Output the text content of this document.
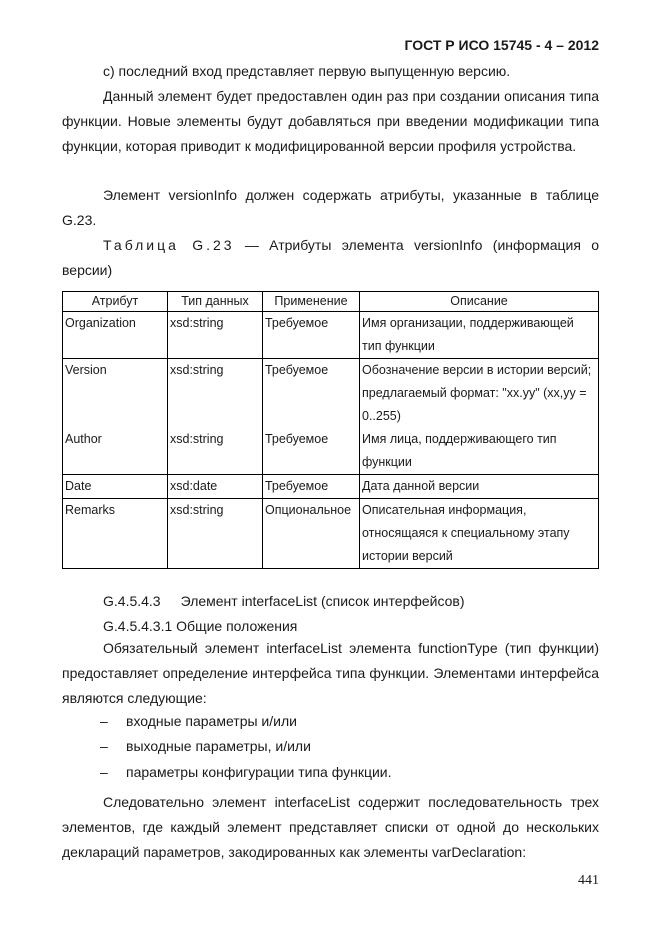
ГОСТ Р ИСО 15745 - 4 – 2012

с) последний вход представляет первую выпущенную версию.

Данный элемент будет предоставлен один раз при создании описания типа функции. Новые элементы будут добавляться при введении модификации типа функции, которая приводит к модифицированной версии профиля устройства.

Элемент versionInfo должен содержать атрибуты, указанные в таблице G.23.

Таблица G.23 — Атрибуты элемента versionInfo (информация о версии)

Атрибут	Тип данных	Применение	Описание
Organization	xsd:string	Требуемое	Имя организации, поддерживающей тип функции
Version	xsd:string	Требуемое	Обозначение версии в истории версий; предлагаемый формат: "xx.yy" (xx,yy = 0..255)
Author	xsd:string	Требуемое	Имя лица, поддерживающего тип функции
Date	xsd:date	Требуемое	Дата данной версии
Remarks	xsd:string	Опциональное	Описательная информация, относящаяся к специальному этапу истории версий

G.4.5.4.3 Элемент interfaceList (список интерфейсов)

G.4.5.4.3.1 Общие положения

Обязательный элемент interfaceList элемента functionType (тип функции) предоставляет определение интерфейса типа функции. Элементами интерфейса являются следующие:

– входные параметры и/или
– выходные параметры, и/или
– параметры конфигурации типа функции.

Следовательно элемент interfaceList содержит последовательность трех элементов, где каждый элемент представляет списки от одной до нескольких деклараций параметров, закодированных как элементы varDeclaration:

441
